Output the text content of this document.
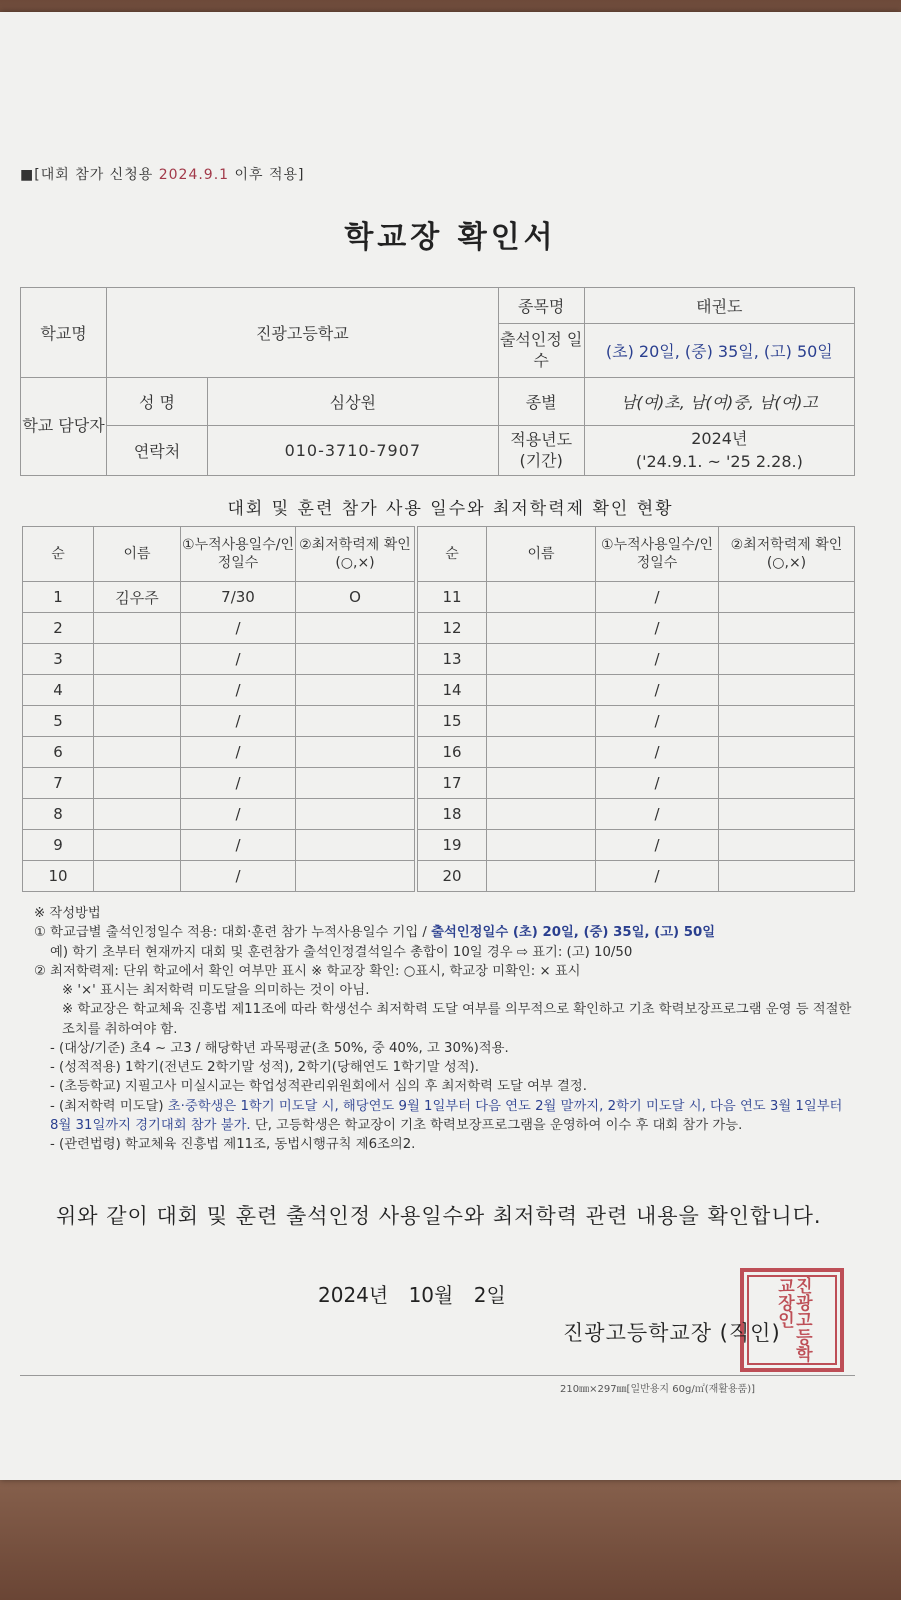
■[대회 참가 신청용 2024.9.1 이후 적용]
학교장 확인서
학교명	진광고등학교		종목명	태권도
			출석인정 일수	(초) 20일, (중) 35일, (고) 50일
학교 담당자	성 명	심상원	종별	남(여)초, 남(여)중, 남(여)고
	연락처	010-3710-7907	적용년도 (기간)	2024년
('24.9.1. ~ '25 2.28.)
대회 및 훈련 참가 사용 일수와 최저학력제 확인 현황
순	이름	①누적사용일수/인정일수	②최저학력제 확인(○,×)		순	이름	①누적사용일수/인정일수	②최저학력제 확인(○,×)
1	김우주	7/30	O		11		/	
2		/			12		/	
3		/			13		/	
4		/			14		/	
5		/			15		/	
6		/			16		/	
7		/			17		/	
8		/			18		/	
9		/			19		/	
10		/			20		/	

※ 작성방법

① 학교급별 출석인정일수 적용: 대회·훈련 참가 누적사용일수 기입 / 출석인정일수 (초) 20일, (중) 35일, (고) 50일

예) 학기 초부터 현재까지 대회 및 훈련참가 출석인정결석일수 총합이 10일 경우 ⇨ 표기: (고) 10/50

② 최저학력제: 단위 학교에서 확인 여부만 표시 ※ 학교장 확인: ○표시, 학교장 미확인: × 표시

※ '×' 표시는 최저학력 미도달을 의미하는 것이 아님.

※ 학교장은 학교체육 진흥법 제11조에 따라 학생선수 최저학력 도달 여부를 의무적으로 확인하고 기초 학력보장프로그램 운영 등 적절한 조치를 취하여야 함.

- (대상/기준) 초4 ~ 고3 / 해당학년 과목평균(초 50%, 중 40%, 고 30%)적용.

- (성적적용) 1학기(전년도 2학기말 성적), 2학기(당해연도 1학기말 성적).

- (초등학교) 지필고사 미실시교는 학업성적관리위원회에서 심의 후 최저학력 도달 여부 결정.

- (최저학력 미도달) 초·중학생은 1학기 미도달 시, 해당연도 9월 1일부터 다음 연도 2월 말까지, 2학기 미도달 시, 다음 연도 3월 1일부터 8월 31일까지 경기대회 참가 불가. 단, 고등학생은 학교장이 기초 학력보장프로그램을 운영하여 이수 후 대회 참가 가능.

- (관련법령) 학교체육 진흥법 제11조, 동법시행규칙 제6조의2.

위와 같이 대회 및 훈련 출석인정 사용일수와 최저학력 관련 내용을 확인합니다.
2024년 10월 2일	진광고등학교장인
진광고등학교장 (직인)
210㎜×297㎜[일반용지 60g/㎡(재활용품)]
